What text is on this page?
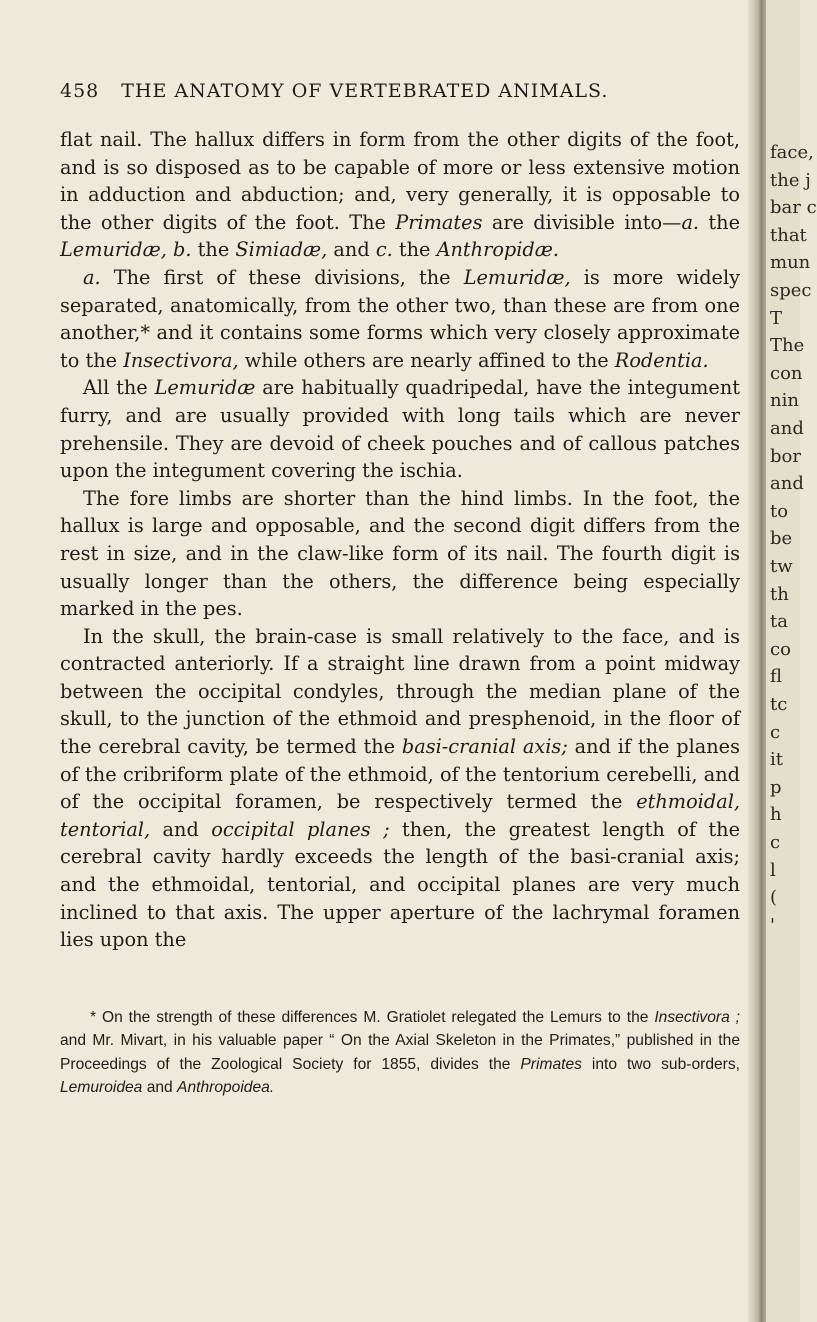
458 THE ANATOMY OF VERTEBRATED ANIMALS.

flat nail. The hallux differs in form from the other digits of the foot, and is so disposed as to be capable of more or less extensive motion in adduction and abduction; and, very generally, it is opposable to the other digits of the foot. The Primates are divisible into—a. the Lemuridæ, b. the Simiadæ, and c. the Anthropidæ.

a. The first of these divisions, the Lemuridæ, is more widely separated, anatomically, from the other two, than these are from one another,* and it contains some forms which very closely approximate to the Insectivora, while others are nearly affined to the Rodentia.

All the Lemuridæ are habitually quadripedal, have the integument furry, and are usually provided with long tails which are never prehensile. They are devoid of cheek pouches and of callous patches upon the integument covering the ischia.

The fore limbs are shorter than the hind limbs. In the foot, the hallux is large and opposable, and the second digit differs from the rest in size, and in the claw-like form of its nail. The fourth digit is usually longer than the others, the difference being especially marked in the pes.

In the skull, the brain-case is small relatively to the face, and is contracted anteriorly. If a straight line drawn from a point midway between the occipital condyles, through the median plane of the skull, to the junction of the ethmoid and presphenoid, in the floor of the cerebral cavity, be termed the basi-cranial axis; and if the planes of the cribriform plate of the ethmoid, of the tentorium cerebelli, and of the occipital foramen, be respectively termed the ethmoidal, tentorial, and occipital planes ; then, the greatest length of the cerebral cavity hardly exceeds the length of the basi-cranial axis; and the ethmoidal, tentorial, and occipital planes are very much inclined to that axis. The upper aperture of the lachrymal foramen lies upon the

* On the strength of these differences M. Gratiolet relegated the Lemurs to the Insectivora ; and Mr. Mivart, in his valuable paper “ On the Axial Skeleton in the Primates,” published in the Proceedings of the Zoological Society for 1855, divides the Primates into two sub-orders, Lemuroidea and Anthropoidea.

face,
the j
bar c
that
mun
spec
T
The
con
nin
and
bor
and
to
be
tw
th
ta
co
fl
tc
c
it
p
h
c
l
(
'
